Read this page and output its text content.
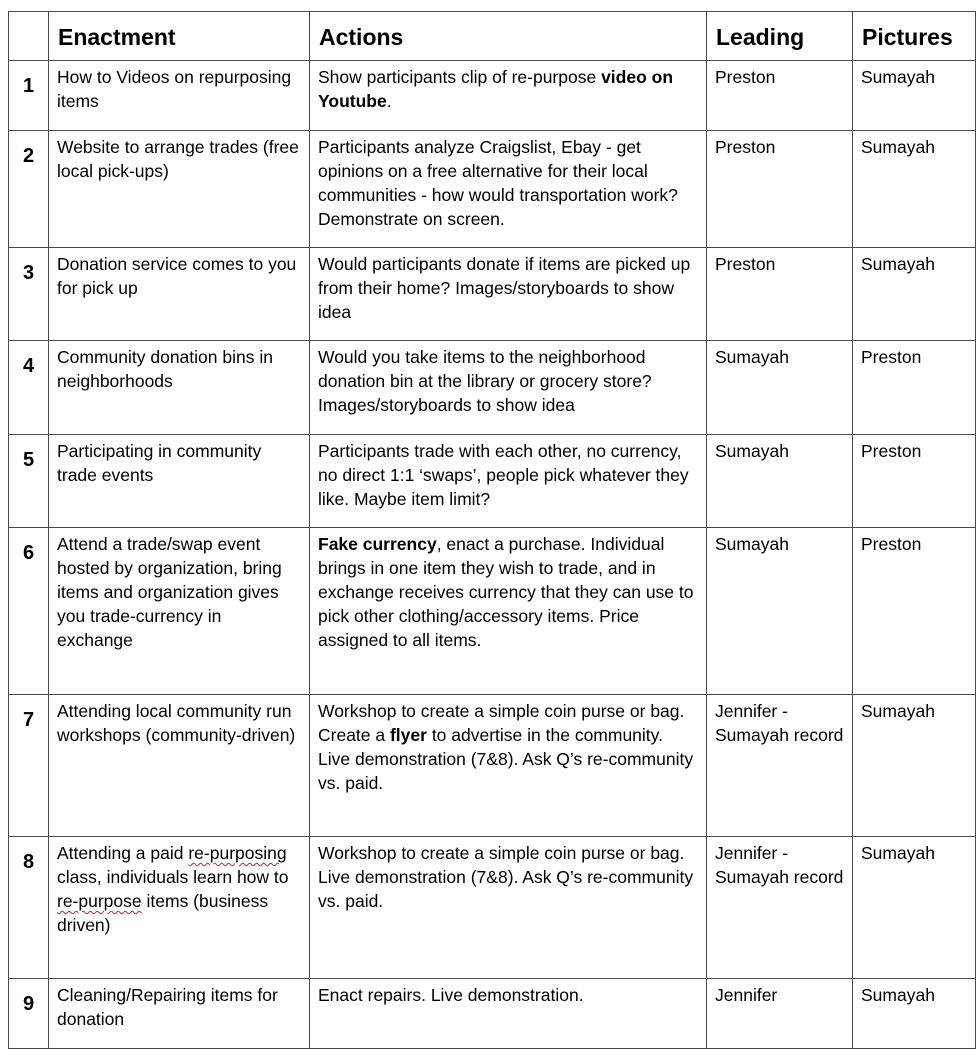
	Enactment	Actions	Leading	Pictures

1	How to Videos on repurposing items	Show participants clip of re-purpose video on Youtube.	Preston	Sumayah

2	Website to arrange trades (free local pick-ups)	Participants analyze Craigslist, Ebay - get opinions on a free alternative for their local communities - how would transportation work? Demonstrate on screen.	Preston	Sumayah

3	Donation service comes to you for pick up	Would participants donate if items are picked up from their home? Images/storyboards to show idea	Preston	Sumayah

4	Community donation bins in neighborhoods	Would you take items to the neighborhood donation bin at the library or grocery store? Images/storyboards to show idea	Sumayah	Preston

5	Participating in community trade events	Participants trade with each other, no currency, no direct 1:1 ‘swaps’, people pick whatever they like. Maybe item limit?	Sumayah	Preston

6	Attend a trade/swap event hosted by organization, bring items and organization gives you trade-currency in exchange	Fake currency, enact a purchase. Individual brings in one item they wish to trade, and in exchange receives currency that they can use to pick other clothing/accessory items. Price assigned to all items.	Sumayah	Preston

7	Attending local community run workshops (community-driven)	Workshop to create a simple coin purse or bag. Create a flyer to advertise in the community. Live demonstration (7&8). Ask Q’s re-community vs. paid.	Jennifer - Sumayah record	Sumayah

8	Attending a paid re-purposing class, individuals learn how to re-purpose items (business driven)	Workshop to create a simple coin purse or bag. Live demonstration (7&8). Ask Q’s re-community vs. paid.	Jennifer - Sumayah record	Sumayah

9	Cleaning/Repairing items for donation	Enact repairs. Live demonstration.	Jennifer	Sumayah
